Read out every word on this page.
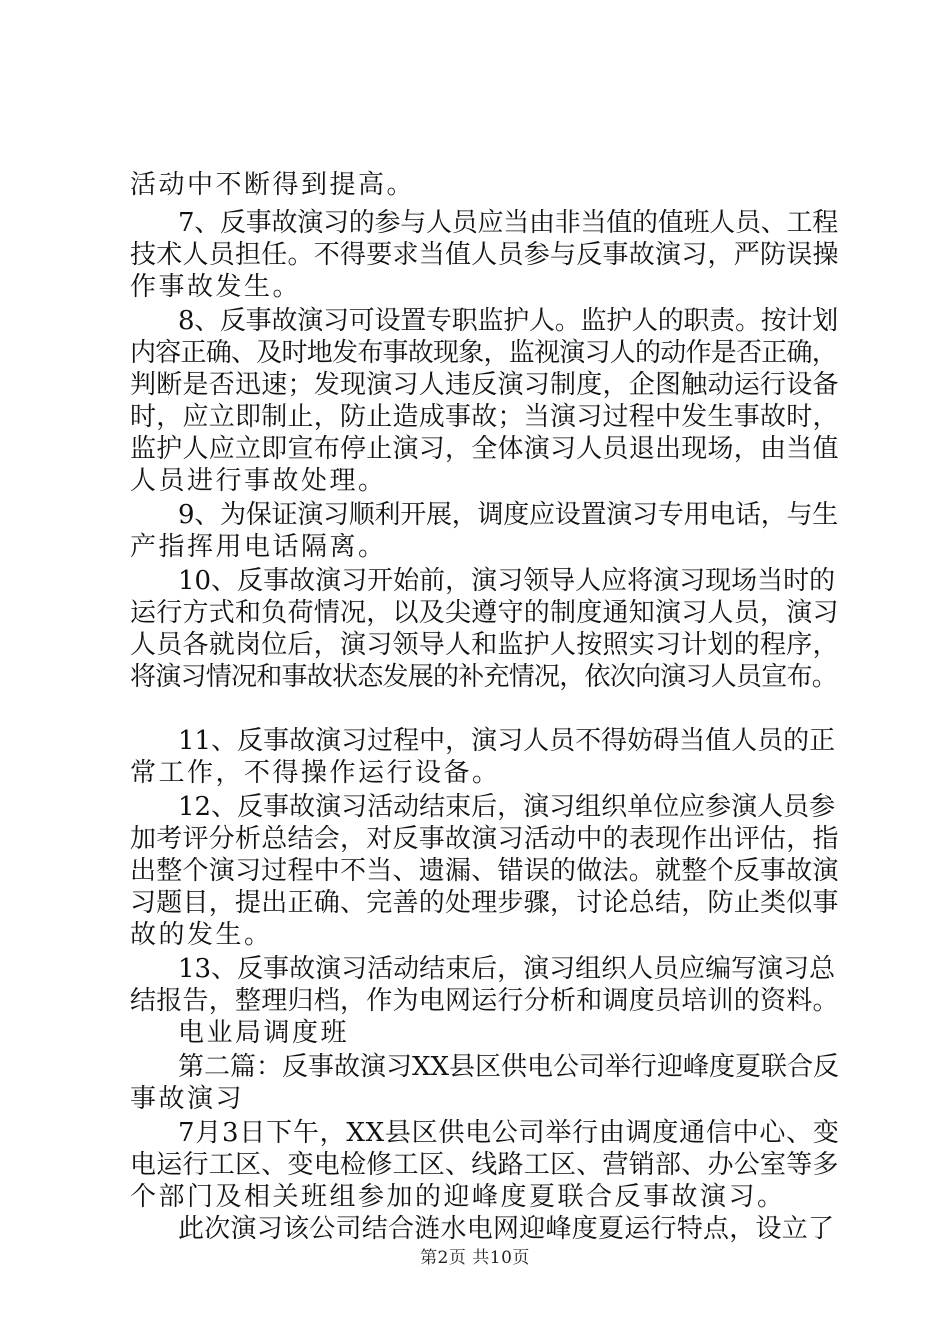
活动中不断得到提高。
7、反事故演习的参与人员应当由非当值的值班人员、工程
技术人员担任。不得要求当值人员参与反事故演习，严防误操
作事故发生。
8、反事故演习可设置专职监护人。监护人的职责。按计划
内容正确、及时地发布事故现象，监视演习人的动作是否正确，
判断是否迅速；发现演习人违反演习制度，企图触动运行设备
时，应立即制止，防止造成事故；当演习过程中发生事故时，
监护人应立即宣布停止演习，全体演习人员退出现场，由当值
人员进行事故处理。
9、为保证演习顺利开展，调度应设置演习专用电话，与生
产指挥用电话隔离。
10、反事故演习开始前，演习领导人应将演习现场当时的
运行方式和负荷情况，以及尖遵守的制度通知演习人员，演习
人员各就岗位后，演习领导人和监护人按照实习计划的程序，
将演习情况和事故状态发展的补充情况，依次向演习人员宣布。
11、反事故演习过程中，演习人员不得妨碍当值人员的正
常工作，不得操作运行设备。
12、反事故演习活动结束后，演习组织单位应参演人员参
加考评分析总结会，对反事故演习活动中的表现作出评估，指
出整个演习过程中不当、遗漏、错误的做法。就整个反事故演
习题目，提出正确、完善的处理步骤，讨论总结，防止类似事
故的发生。
13、反事故演习活动结束后，演习组织人员应编写演习总
结报告，整理归档，作为电网运行分析和调度员培训的资料。
电业局调度班
第二篇：反事故演习XX县区供电公司举行迎峰度夏联合反
事故演习
7月3日下午，XX县区供电公司举行由调度通信中心、变
电运行工区、变电检修工区、线路工区、营销部、办公室等多
个部门及相关班组参加的迎峰度夏联合反事故演习。
此次演习该公司结合涟水电网迎峰度夏运行特点，设立了
第2页 共10页
